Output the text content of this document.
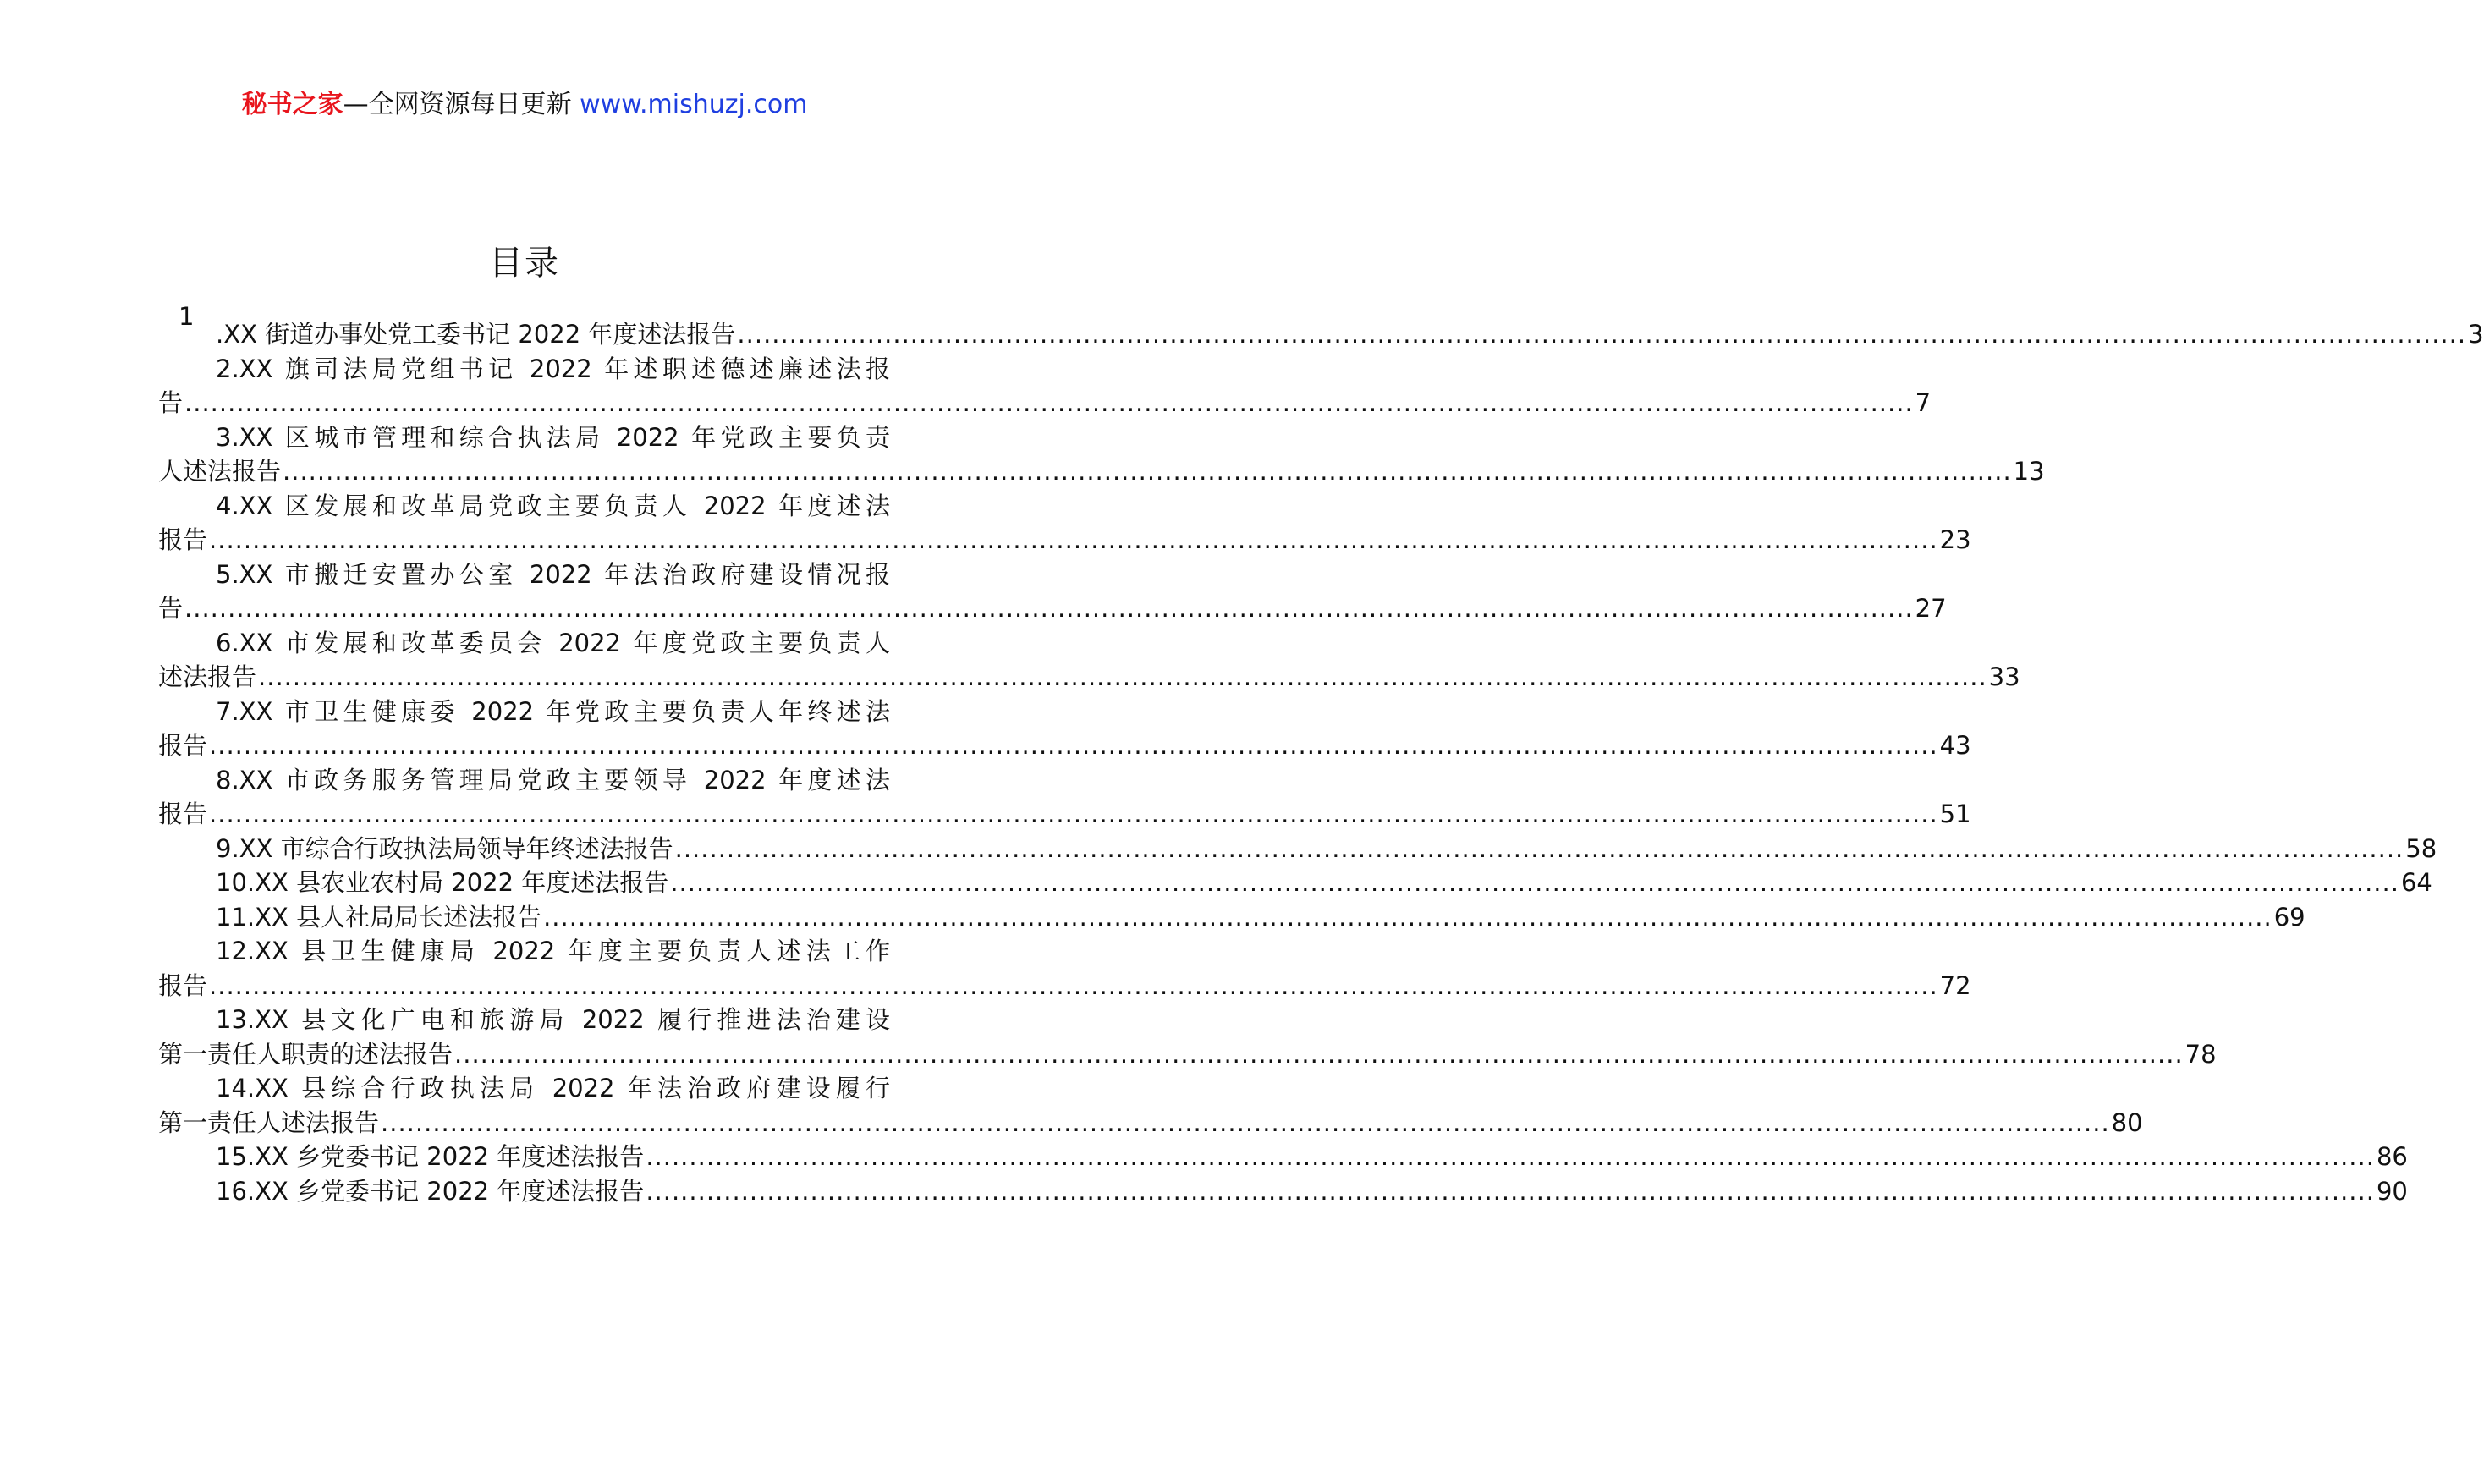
秘书之家—全网资源每日更新 www.mishuzj.com
目录
1
.XX 街道办事处党工委书记 2022 年度述法报告 ........................................................................................................................................................................................................ 3
2.XX 旗司法局党组书记 2022 年述职述德述廉述法报
告 ........................................................................................................................................................................................................ 7
3.XX 区城市管理和综合执法局 2022 年党政主要负责
人述法报告 ........................................................................................................................................................................................................ 13
4.XX 区发展和改革局党政主要负责人 2022 年度述法
报告 ........................................................................................................................................................................................................ 23
5.XX 市搬迁安置办公室 2022 年法治政府建设情况报
告 ........................................................................................................................................................................................................ 27
6.XX 市发展和改革委员会 2022 年度党政主要负责人
述法报告 ........................................................................................................................................................................................................ 33
7.XX 市卫生健康委 2022 年党政主要负责人年终述法
报告 ........................................................................................................................................................................................................ 43
8.XX 市政务服务管理局党政主要领导 2022 年度述法
报告 ........................................................................................................................................................................................................ 51
9.XX 市综合行政执法局领导年终述法报告 ........................................................................................................................................................................................................ 58
10.XX 县农业农村局 2022 年度述法报告 ........................................................................................................................................................................................................ 64
11.XX 县人社局局长述法报告 ........................................................................................................................................................................................................ 69
12.XX 县卫生健康局 2022 年度主要负责人述法工作
报告 ........................................................................................................................................................................................................ 72
13.XX 县文化广电和旅游局 2022 履行推进法治建设
第一责任人职责的述法报告 ........................................................................................................................................................................................................ 78
14.XX 县综合行政执法局 2022 年法治政府建设履行
第一责任人述法报告 ........................................................................................................................................................................................................ 80
15.XX 乡党委书记 2022 年度述法报告 ........................................................................................................................................................................................................ 86
16.XX 乡党委书记 2022 年度述法报告 ........................................................................................................................................................................................................ 90
